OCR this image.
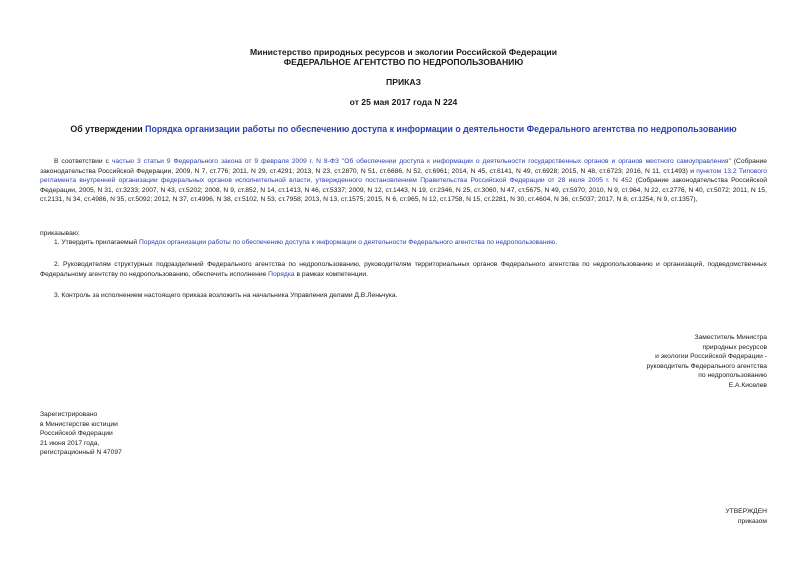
Министерство природных ресурсов и экологии Российской Федерации
ФЕДЕРАЛЬНОЕ АГЕНТСТВО ПО НЕДРОПОЛЬЗОВАНИЮ
ПРИКАЗ
от 25 мая 2017 года N 224
Об утверждении Порядка организации работы по обеспечению доступа к информации о деятельности Федерального агентства по недропользованию
В соответствии с частью 3 статьи 9 Федерального закона от 9 февраля 2009 г. N 8-ФЗ "Об обеспечении доступа к информации о деятельности государственных органов и органов местного самоуправления" (Собрание законодательства Российской Федерации, 2009, N 7, ст.776; 2011, N 29, ст.4291; 2013, N 23, ст.2870, N 51, ст.6686, N 52, ст.6961; 2014, N 45, ст.6141, N 49, ст.6928; 2015, N 48, ст.6723; 2016, N 11, ст.1493) и пунктом 13.2 Типового регламента внутренней организации федеральных органов исполнительной власти, утвержденного постановлением Правительства Российской Федерации от 28 июля 2005 г. N 452 (Собрание законодательства Российской Федерации, 2005, N 31, ст.3233; 2007, N 43, ст.5202; 2008, N 9, ст.852, N 14, ст.1413, N 46, ст.5337; 2009, N 12, ст.1443, N 19, ст.2346, N 25, ст.3060, N 47, ст.5675, N 49, ст.5970; 2010, N 9, ст.964, N 22, ст.2776, N 40, ст.5072; 2011, N 15, ст.2131, N 34, ст.4986, N 35, ст.5092; 2012, N 37, ст.4996, N 38, ст.5102, N 53, ст.7958; 2013, N 13, ст.1575; 2015, N 6, ст.965, N 12, ст.1758, N 15, ст.2281, N 30, ст.4604, N 36, ст.5037; 2017, N 8, ст.1254, N 9, ст.1357),
приказываю:
1. Утвердить прилагаемый Порядок организации работы по обеспечению доступа к информации о деятельности Федерального агентства по недропользованию.
2. Руководителям структурных подразделений Федерального агентства по недропользованию, руководителям территориальных органов Федерального агентства по недропользованию и организаций, подведомственных Федеральному агентству по недропользованию, обеспечить исполнение Порядка в рамках компетенции.
3. Контроль за исполнением настоящего приказа возложить на начальника Управления делами Д.В.Леньчука.
Заместитель Министра
природных ресурсов
и экологии Российской Федерации -
руководитель Федерального агентства
по недропользованию
Е.А.Киселев
Зарегистрировано
в Министерстве юстиции
Российской Федерации
21 июня 2017 года,
регистрационный N 47097
УТВЕРЖДЕН
приказом
